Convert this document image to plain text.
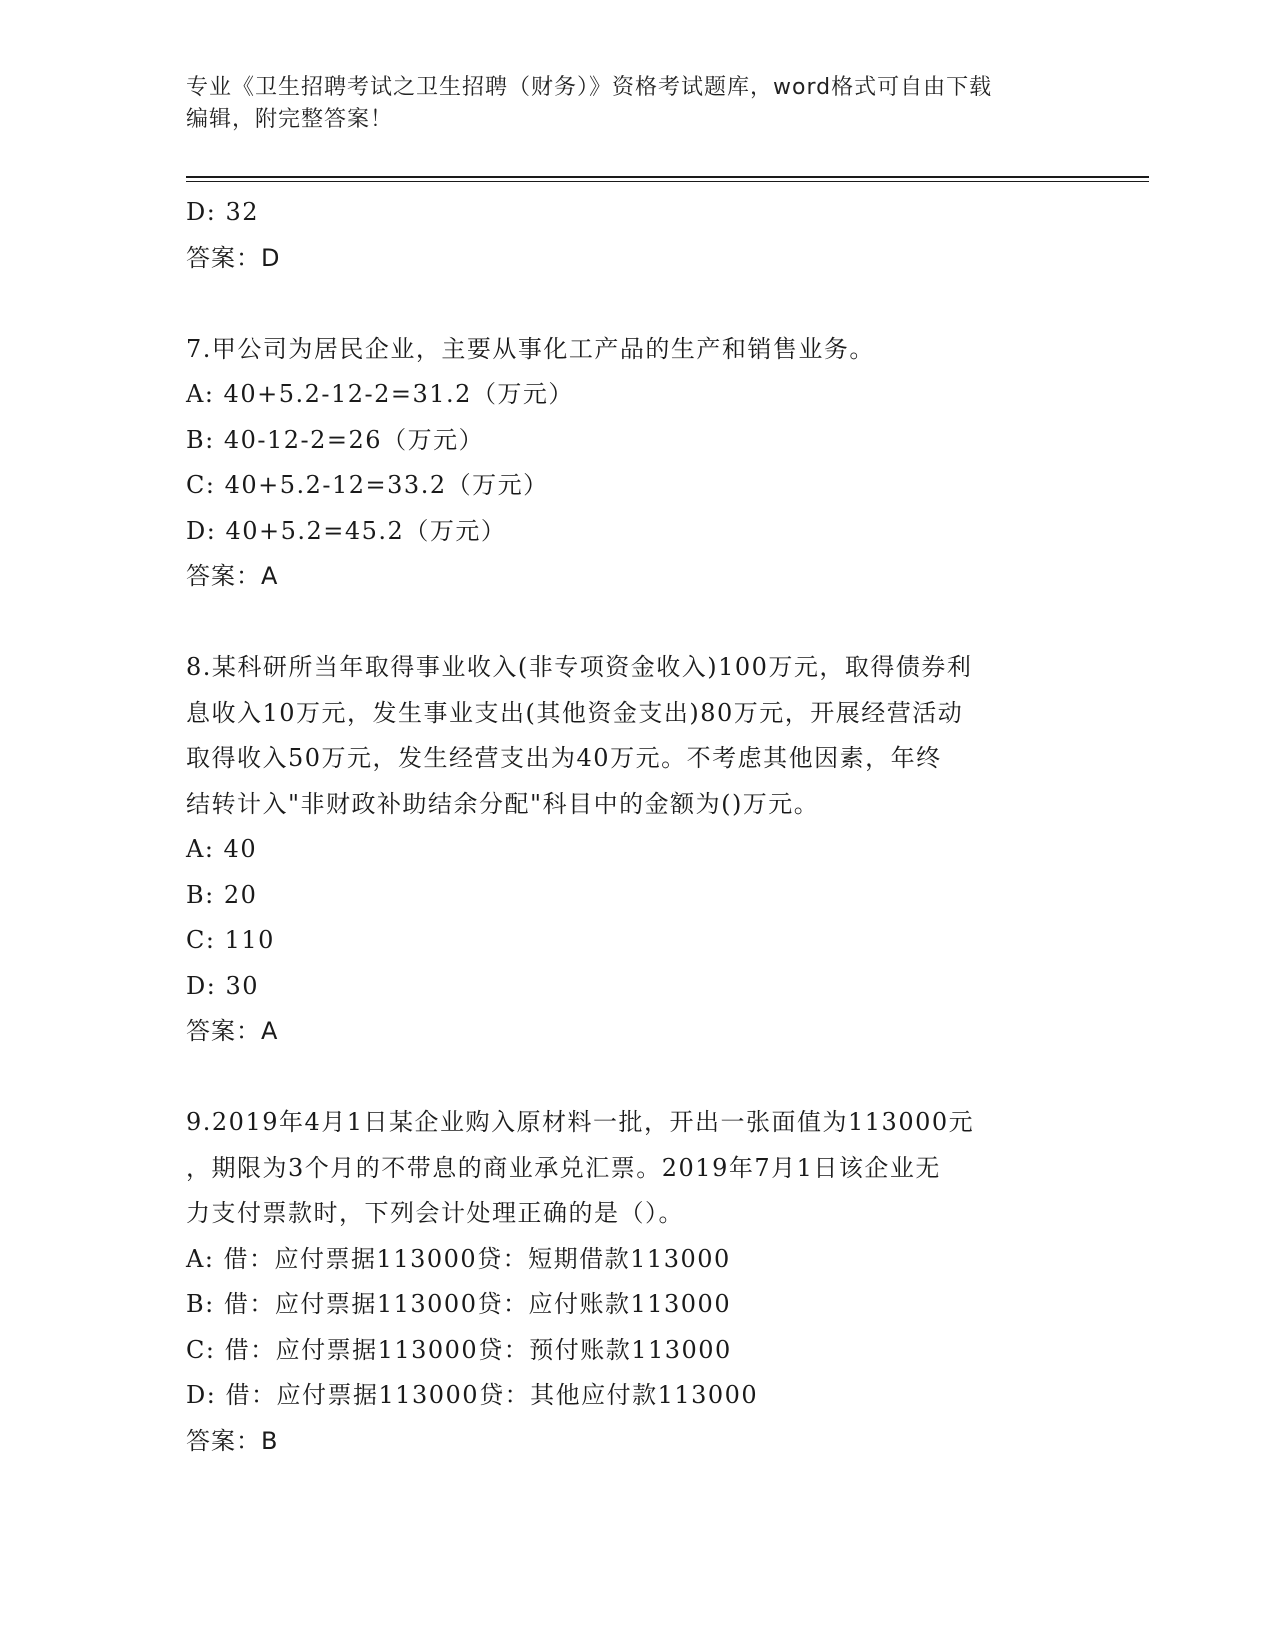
专业《卫生招聘考试之卫生招聘（财务）》资格考试题库，word格式可自由下载
编辑，附完整答案！
D: 32
答案：D
7.甲公司为居民企业，主要从事化工产品的生产和销售业务。
A: 40+5.2-12-2=31.2（万元）
B: 40-12-2=26（万元）
C: 40+5.2-12=33.2（万元）
D: 40+5.2=45.2（万元）
答案：A
8.某科研所当年取得事业收入(非专项资金收入)100万元，取得债券利
息收入10万元，发生事业支出(其他资金支出)80万元，开展经营活动
取得收入50万元，发生经营支出为40万元。不考虑其他因素，年终
结转计入"非财政补助结余分配"科目中的金额为()万元。
A: 40
B: 20
C: 110
D: 30
答案：A
9.2019年4月1日某企业购入原材料一批，开出一张面值为113000元
，期限为3个月的不带息的商业承兑汇票。2019年7月1日该企业无
力支付票款时，下列会计处理正确的是（）。
A: 借：应付票据113000贷：短期借款113000
B: 借：应付票据113000贷：应付账款113000
C: 借：应付票据113000贷：预付账款113000
D: 借：应付票据113000贷：其他应付款113000
答案：B
